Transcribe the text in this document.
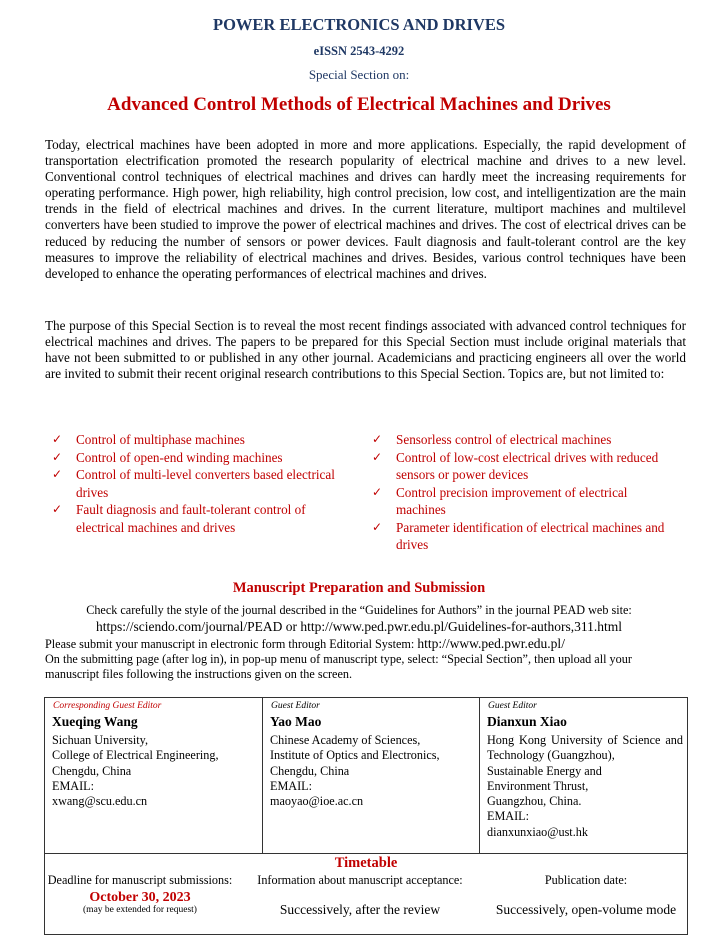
POWER ELECTRONICS AND DRIVES
eISSN 2543-4292
Special Section on:
Advanced Control Methods of Electrical Machines and Drives

Today, electrical machines have been adopted in more and more applications. Especially, the rapid development of transportation electrification promoted the research popularity of electrical machine and drives to a new level. Conventional control techniques of electrical machines and drives can hardly meet the increasing requirements for operating performance. High power, high reliability, high control precision, low cost, and intelligentization are the main trends in the field of electrical machines and drives. In the current literature, multiport machines and multilevel converters have been studied to improve the power of electrical machines and drives. The cost of electrical drives can be reduced by reducing the number of sensors or power devices. Fault diagnosis and fault-tolerant control are the key measures to improve the reliability of electrical machines and drives. Besides, various control techniques have been developed to enhance the operating performances of electrical machines and drives.

The purpose of this Special Section is to reveal the most recent findings associated with advanced control techniques for electrical machines and drives. The papers to be prepared for this Special Section must include original materials that have not been submitted to or published in any other journal. Academicians and practicing engineers all over the world are invited to submit their recent original research contributions to this Special Section. Topics are, but not limited to:

✓ Control of multiphase machines
✓ Control of open-end winding machines
✓ Control of multi-level converters based electrical drives
✓ Fault diagnosis and fault-tolerant control of electrical machines and drives
✓ Sensorless control of electrical machines
✓ Control of low-cost electrical drives with reduced sensors or power devices
✓ Control precision improvement of electrical machines
✓ Parameter identification of electrical machines and drives
Manuscript Preparation and Submission
Check carefully the style of the journal described in the “Guidelines for Authors” in the journal PEAD web site:
https://sciendo.com/journal/PEAD or http://www.ped.pwr.edu.pl/Guidelines-for-authors,311.html
Please submit your manuscript in electronic form through Editorial System: http://www.ped.pwr.edu.pl/
On the submitting page (after log in), in pop-up menu of manuscript type, select: “Special Section”, then upload all your
manuscript files following the instructions given on the screen.
Corresponding Guest Editor
Xueqing Wang
Sichuan University,
College of Electrical Engineering,
Chengdu, China
EMAIL:
xwang@scu.edu.cn
Guest Editor
Yao Mao
Chinese Academy of Sciences,
Institute of Optics and Electronics,
Chengdu, China
EMAIL:
maoyao@ioe.ac.cn
Guest Editor
Dianxun Xiao
Hong Kong University of Science and Technology (Guangzhou),
Sustainable Energy and
Environment Thrust,
Guangzhou, China.
EMAIL:
dianxunxiao@ust.hk
Timetable
Deadline for manuscript submissions:
October 30, 2023
(may be extended for request)
Information about manuscript acceptance:
Successively, after the review
Publication date:
Successively, open-volume mode
